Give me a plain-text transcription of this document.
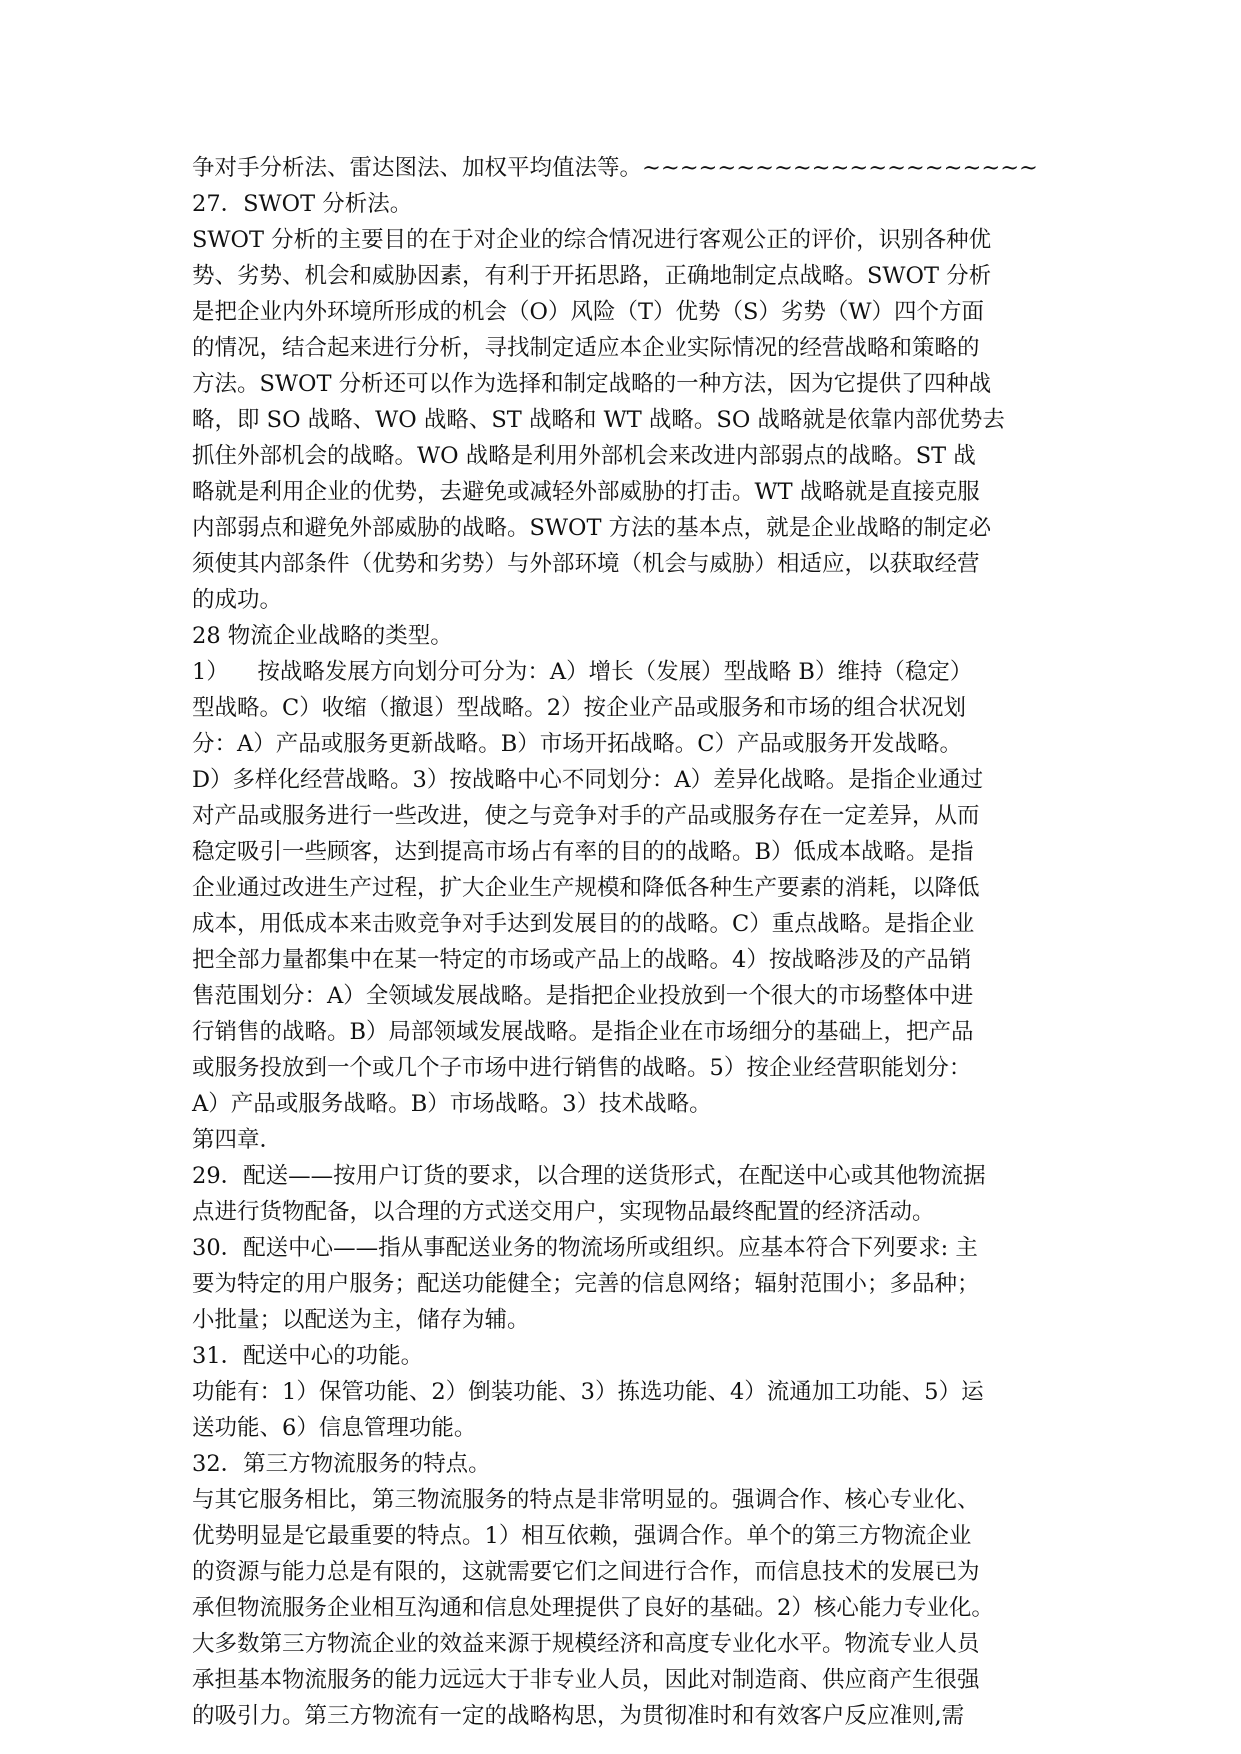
争对手分析法、雷达图法、加权平均值法等。~~~~~~~~~~~~~~~~~~~~~
27．SWOT 分析法。
SWOT 分析的主要目的在于对企业的综合情况进行客观公正的评价，识别各种优
势、劣势、机会和威胁因素，有利于开拓思路，正确地制定点战略。SWOT 分析
是把企业内外环境所形成的机会（O）风险（T）优势（S）劣势（W）四个方面
的情况，结合起来进行分析，寻找制定适应本企业实际情况的经营战略和策略的
方法。SWOT 分析还可以作为选择和制定战略的一种方法，因为它提供了四种战
略，即 SO 战略、WO 战略、ST 战略和 WT 战略。SO 战略就是依靠内部优势去
抓住外部机会的战略。WO 战略是利用外部机会来改进内部弱点的战略。ST 战
略就是利用企业的优势，去避免或减轻外部威胁的打击。WT 战略就是直接克服
内部弱点和避免外部威胁的战略。SWOT 方法的基本点，就是企业战略的制定必
须使其内部条件（优势和劣势）与外部环境（机会与威胁）相适应，以获取经营
的成功。
28 物流企业战略的类型。
1）    按战略发展方向划分可分为：A）增长（发展）型战略 B）维持（稳定）
型战略。C）收缩（撤退）型战略。2）按企业产品或服务和市场的组合状况划
分：A）产品或服务更新战略。B）市场开拓战略。C）产品或服务开发战略。
D）多样化经营战略。3）按战略中心不同划分：A）差异化战略。是指企业通过
对产品或服务进行一些改进，使之与竞争对手的产品或服务存在一定差异，从而
稳定吸引一些顾客，达到提高市场占有率的目的的战略。B）低成本战略。是指
企业通过改进生产过程，扩大企业生产规模和降低各种生产要素的消耗，以降低
成本，用低成本来击败竞争对手达到发展目的的战略。C）重点战略。是指企业
把全部力量都集中在某一特定的市场或产品上的战略。4）按战略涉及的产品销
售范围划分：A）全领域发展战略。是指把企业投放到一个很大的市场整体中进
行销售的战略。B）局部领域发展战略。是指企业在市场细分的基础上，把产品
或服务投放到一个或几个子市场中进行销售的战略。5）按企业经营职能划分：
A）产品或服务战略。B）市场战略。3）技术战略。
第四章．
29．配送——按用户订货的要求，以合理的送货形式，在配送中心或其他物流据
点进行货物配备，以合理的方式送交用户，实现物品最终配置的经济活动。
30．配送中心——指从事配送业务的物流场所或组织。应基本符合下列要求: 主
要为特定的用户服务；配送功能健全；完善的信息网络；辐射范围小；多品种；
小批量；以配送为主，储存为辅。
31．配送中心的功能。
功能有：1）保管功能、2）倒装功能、3）拣选功能、4）流通加工功能、5）运
送功能、6）信息管理功能。
32．第三方物流服务的特点。
与其它服务相比，第三物流服务的特点是非常明显的。强调合作、核心专业化、
优势明显是它最重要的特点。1）相互依赖，强调合作。单个的第三方物流企业
的资源与能力总是有限的，这就需要它们之间进行合作，而信息技术的发展已为
承但物流服务企业相互沟通和信息处理提供了良好的基础。2）核心能力专业化。
大多数第三方物流企业的效益来源于规模经济和高度专业化水平。物流专业人员
承担基本物流服务的能力远远大于非专业人员，因此对制造商、供应商产生很强
的吸引力。第三方物流有一定的战略构思，为贯彻准时和有效客户反应准则,需
